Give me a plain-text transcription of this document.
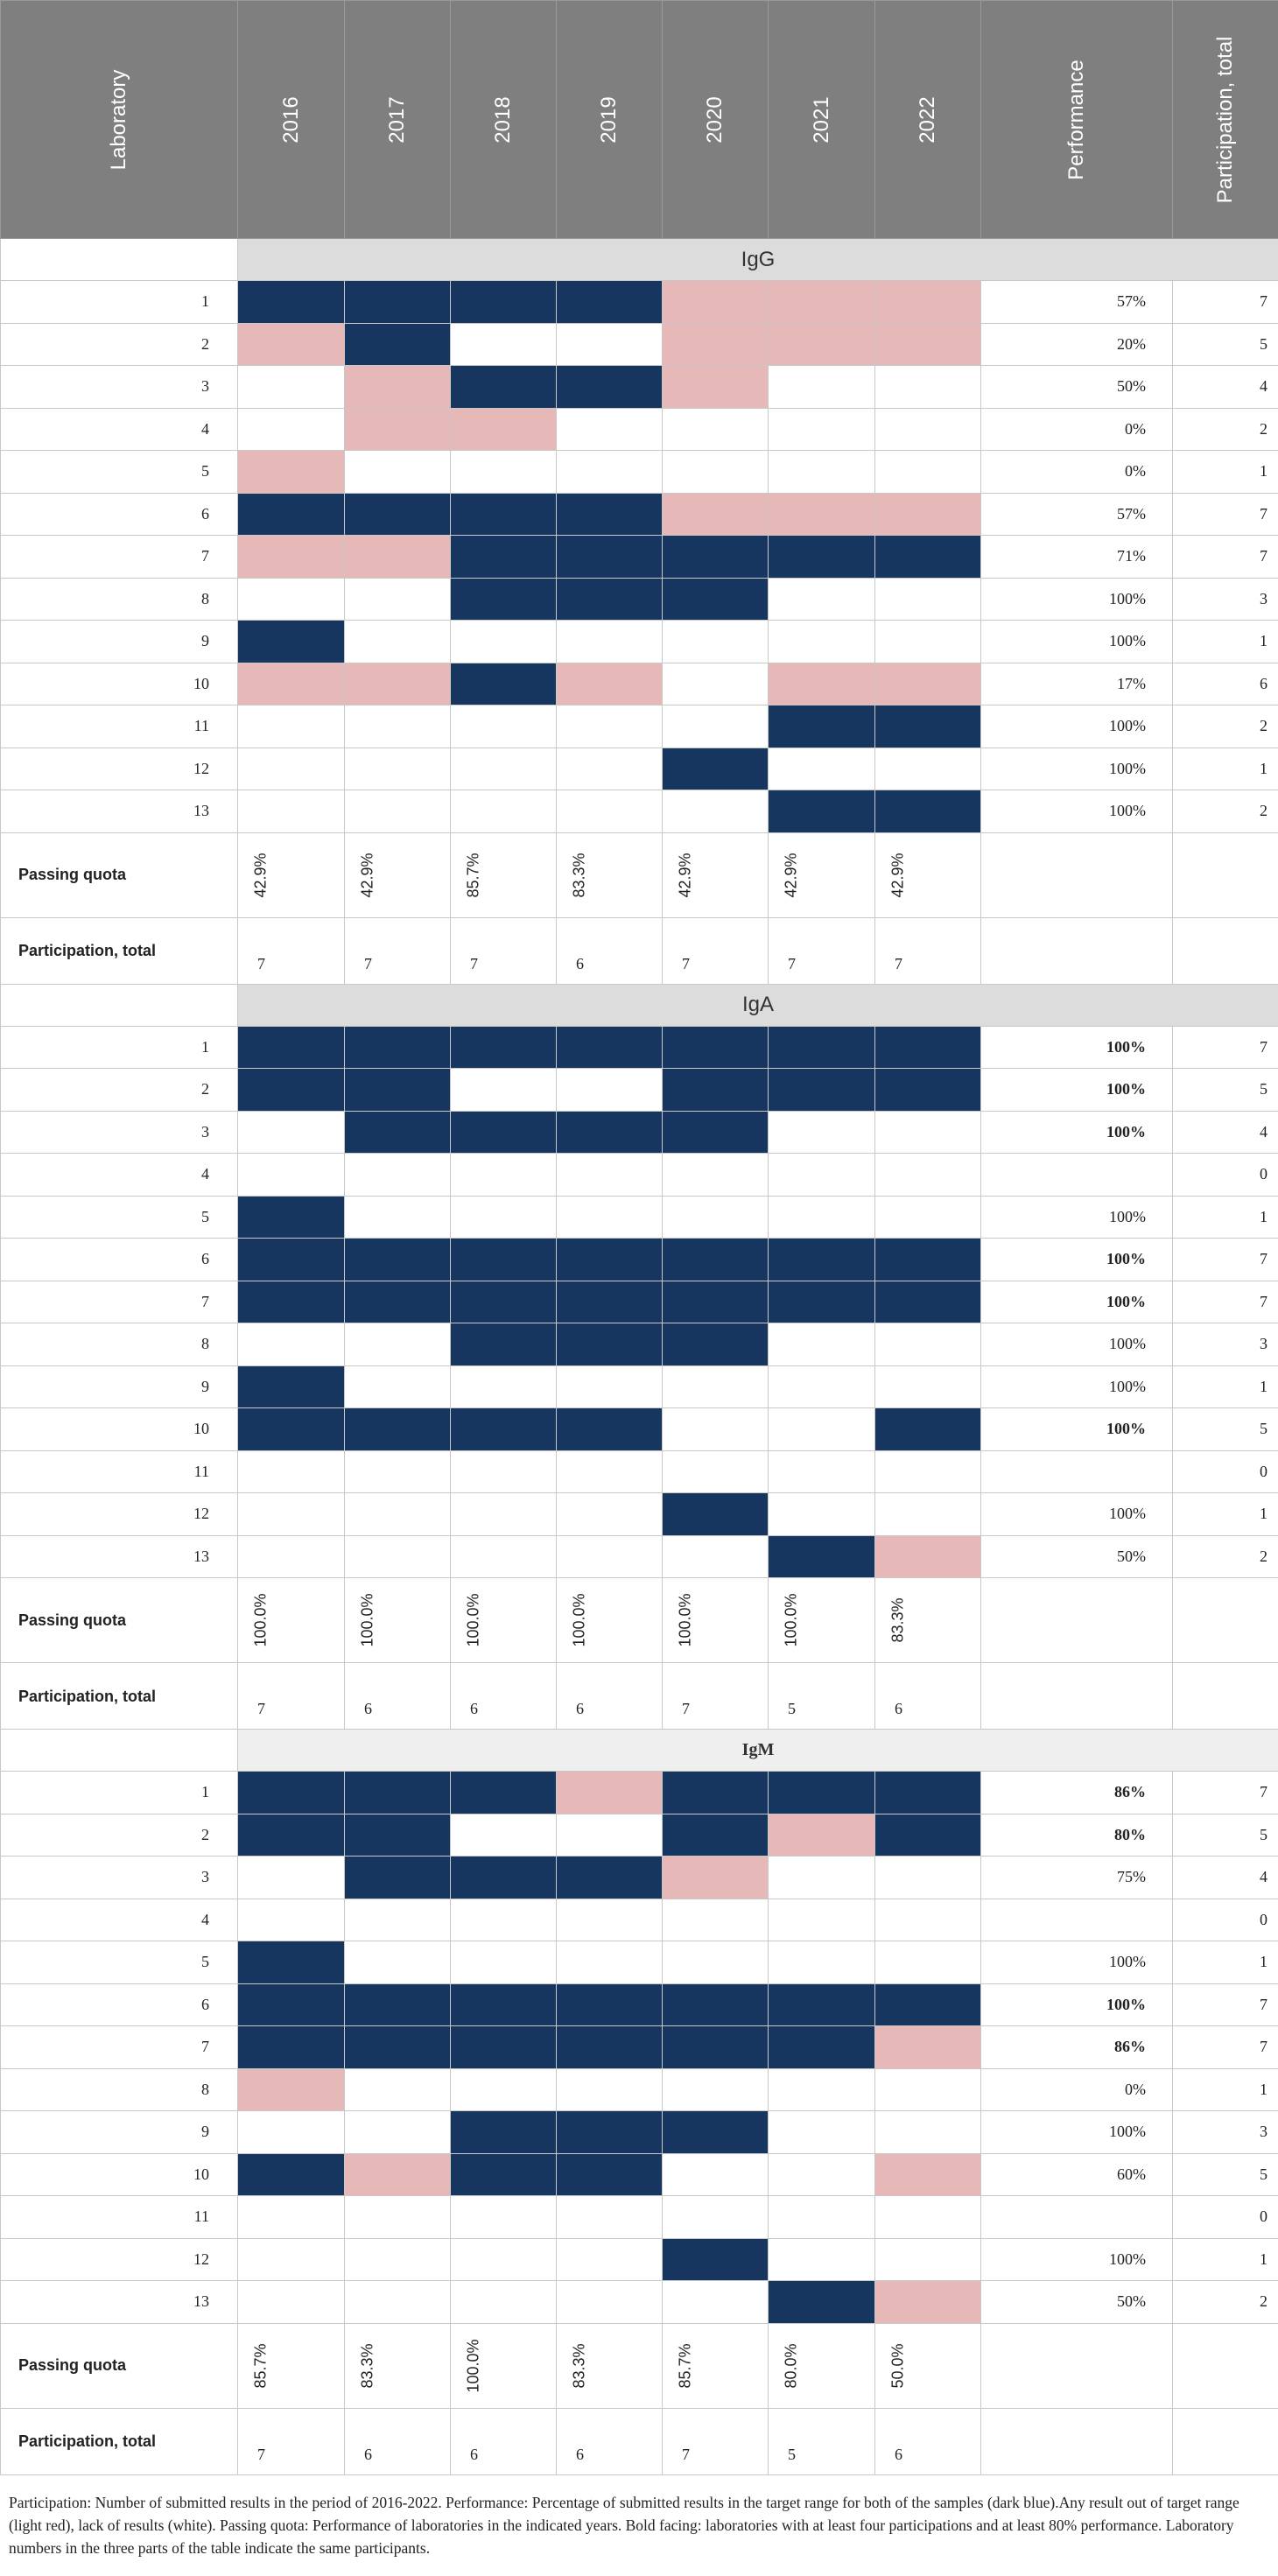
Laboratory	2016	2017	2018	2019	2020	2021	2022	Performance	Participation, total

	IgG								
1								57%	7
2								20%	5
3								50%	4
4								0%	2
5								0%	1
6								57%	7
7								71%	7
8								100%	3
9								100%	1
10								17%	6
11								100%	2
12								100%	1
13								100%	2
Passing quota	42.9%	42.9%	85.7%	83.3%	42.9%	42.9%	42.9%		

Participation, total	7	7	7	6	7	7	7		
	IgA								
1								100%	7
2								100%	5
3								100%	4
4									0
5								100%	1
6								100%	7
7								100%	7
8								100%	3
9								100%	1
10								100%	5
11									0
12								100%	1
13								50%	2
Passing quota	100.0%	100.0%	100.0%	100.0%	100.0%	100.0%	83.3%		

Participation, total	7	6	6	6	7	5	6		
	IgM								
1								86%	7
2								80%	5
3								75%	4
4									0
5								100%	1
6								100%	7
7								86%	7
8								0%	1
9								100%	3
10								60%	5
11									0
12								100%	1
13								50%	2
Passing quota	85.7%	83.3%	100.0%	83.3%	85.7%	80.0%	50.0%		

Participation, total	7	6	6	6	7	5	6		
Participation: Number of submitted results in the period of 2016-2022. Performance: Percentage of submitted results in the target range for both of the samples (dark blue).Any result out of target range (light red), lack of results (white). Passing quota: Performance of laboratories in the indicated years. Bold facing: laboratories with at least four participations and at least 80% performance. Laboratory numbers in the three parts of the table indicate the same participants.
